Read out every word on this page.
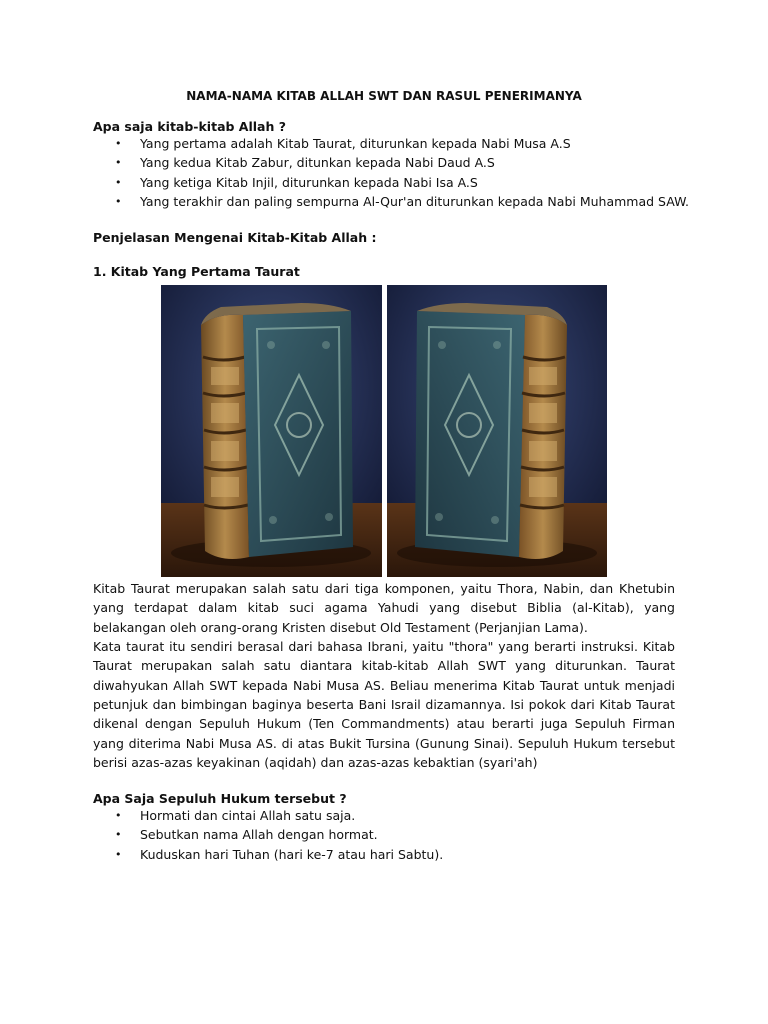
NAMA-NAMA KITAB ALLAH SWT DAN RASUL PENERIMANYA
Apa saja kitab-kitab Allah ?
• Yang pertama adalah Kitab Taurat, diturunkan kepada Nabi Musa A.S
• Yang kedua Kitab Zabur, ditunkan kepada Nabi Daud A.S
• Yang ketiga Kitab Injil, diturunkan kepada Nabi Isa A.S
• Yang terakhir dan paling sempurna Al-Qur'an diturunkan kepada Nabi Muhammad SAW.
Penjelasan Mengenai Kitab-Kitab Allah :
1. Kitab Yang Pertama Taurat

Kitab Taurat merupakan salah satu dari tiga komponen, yaitu Thora, Nabin, dan Khetubin yang terdapat dalam kitab suci agama Yahudi yang disebut Biblia (al-Kitab), yang belakangan oleh orang-orang Kristen disebut Old Testament (Perjanjian Lama).

Kata taurat itu sendiri berasal dari bahasa Ibrani, yaitu "thora" yang berarti instruksi. Kitab Taurat merupakan salah satu diantara kitab-kitab Allah SWT yang diturunkan. Taurat diwahyukan Allah SWT kepada Nabi Musa AS. Beliau menerima Kitab Taurat untuk menjadi petunjuk dan bimbingan baginya beserta Bani Israil dizamannya. Isi pokok dari Kitab Taurat dikenal dengan Sepuluh Hukum (Ten Commandments) atau berarti juga Sepuluh Firman yang diterima Nabi Musa AS. di atas Bukit Tursina (Gunung Sinai). Sepuluh Hukum tersebut berisi azas-azas keyakinan (aqidah) dan azas-azas kebaktian (syari'ah)

Apa Saja Sepuluh Hukum tersebut ?
• Hormati dan cintai Allah satu saja.
• Sebutkan nama Allah dengan hormat.
• Kuduskan hari Tuhan (hari ke-7 atau hari Sabtu).
